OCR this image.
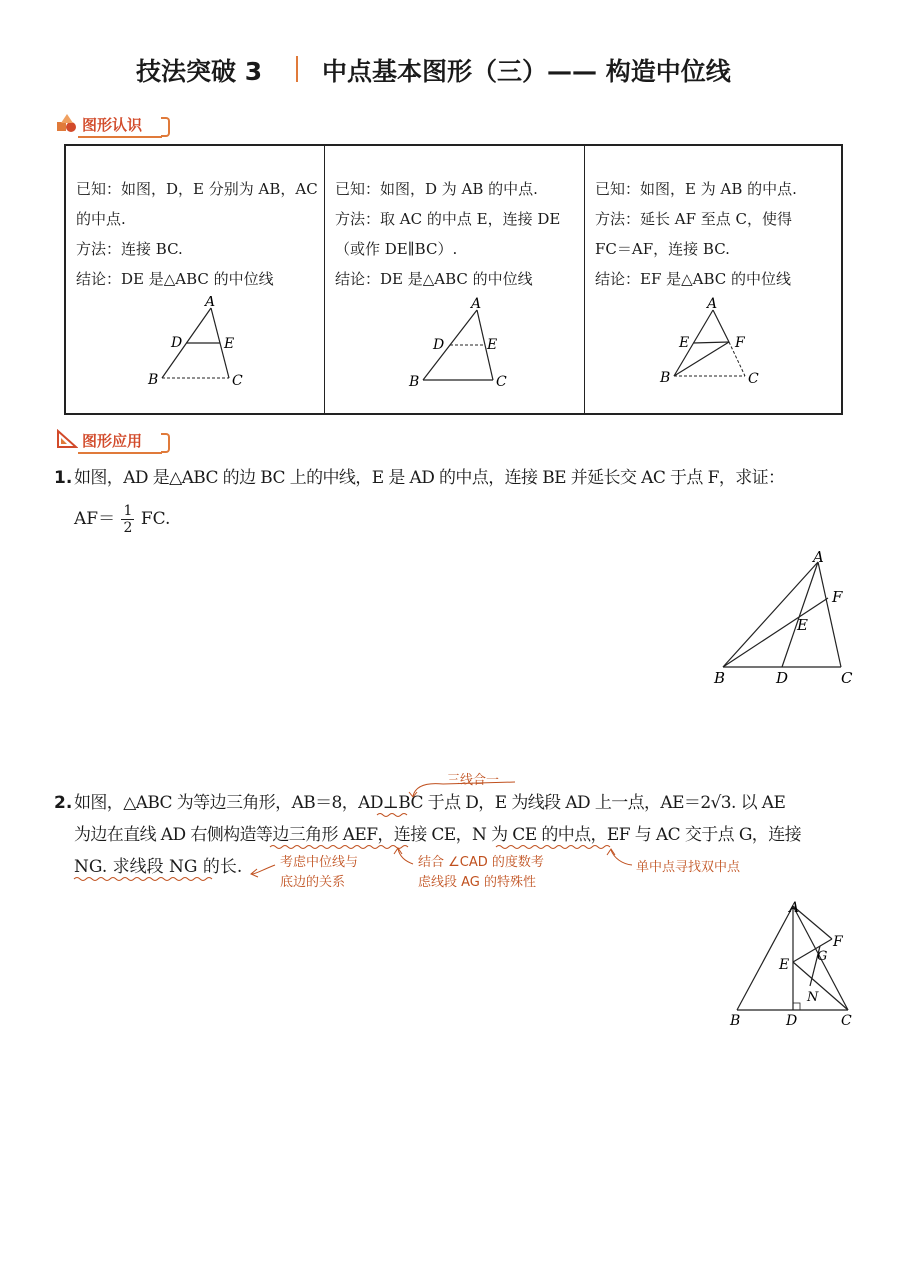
技法突破 3 中点基本图形（三）—— 构造中位线
图形认识
已知：如图，D，E 分别为 AB，AC
的中点.
方法：连接 BC.
结论：DE 是△ABC 的中位线
A
D	E
B	C
已知：如图，D 为 AB 的中点.
方法：取 AC 的中点 E，连接 DE
（或作 DE∥BC）.
结论：DE 是△ABC 的中位线
A
D	E
B	C
已知：如图，E 为 AB 的中点.
方法：延长 AF 至点 C，使得
FC＝AF，连接 BC.
结论：EF 是△ABC 的中位线
A
E	F
B	C
图形应用
1. 如图，AD 是△ABC 的边 BC 上的中线，E 是 AD 的中点，连接 BE 并延长交 AC 于点 F，求证：
$AF= \frac{1}{2}$ FC.
A
F
E
B	D	C
三线合一
2. 如图，△ABC 为等边三角形，AB＝8，AD⊥BC 于点 D，E 为线段 AD 上一点，AE＝2√3. 以 AE
为边在直线 AD 右侧构造等边三角形 AEF，连接 CE，N 为 CE 的中点，EF 与 AC 交于点 G，连接
NG. 求线段 NG 的长.	考虑中位线与
底边的关系
结合 ∠CAD 的度数考
虑线段 AG 的特殊性
单中点寻找双中点
A
F
G
E
N
B	D	C
